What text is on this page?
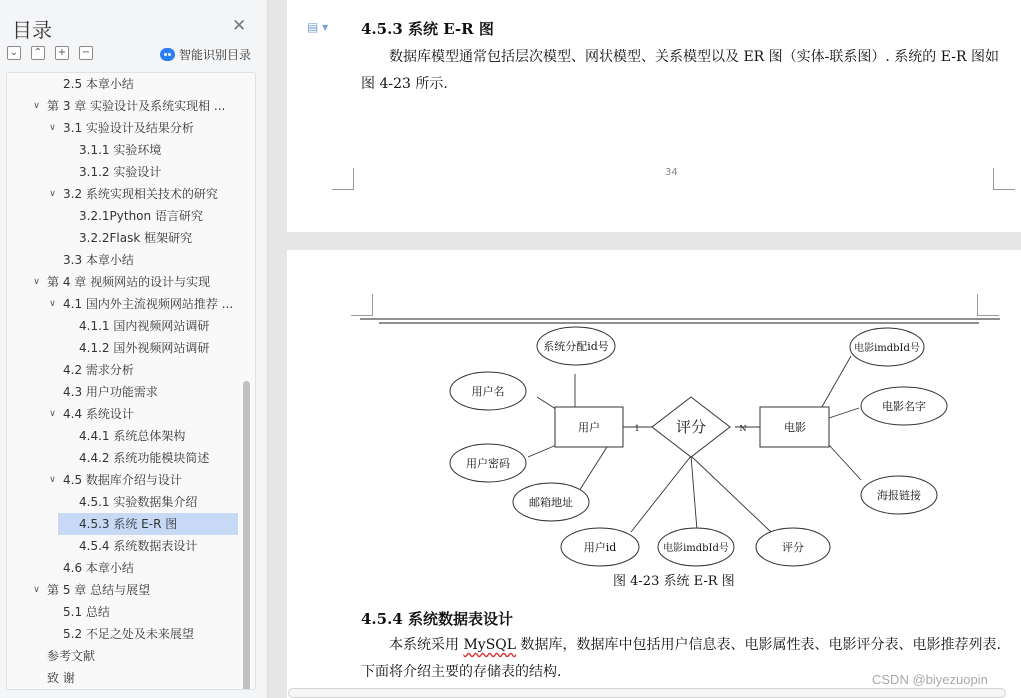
目录	✕
⌄ ⌃ + −	智能识别目录
2.5 本章小结
∨ 第 3 章 实验设计及系统实现相 ...
∨ 3.1 实验设计及结果分析
3.1.1 实验环境
3.1.2 实验设计
∨ 3.2 系统实现相关技术的研究
3.2.1Python 语言研究
3.2.2Flask 框架研究
3.3 本章小结
∨ 第 4 章 视频网站的设计与实现
∨ 4.1 国内外主流视频网站推荐 ...
4.1.1 国内视频网站调研
4.1.2 国外视频网站调研
4.2 需求分析
4.3 用户功能需求
∨ 4.4 系统设计
4.4.1 系统总体架构
4.4.2 系统功能模块简述
∨ 4.5 数据库介绍与设计
4.5.1 实验数据集介绍
4.5.3 系统 E-R 图
4.5.4 系统数据表设计
4.6 本章小结
∨ 第 5 章 总结与展望
5.1 总结
5.2 不足之处及未来展望
参考文献
致 谢
▤ ▾ 4.5.3 系统 E-R 图
数据库模型通常包括层次模型、网状模型、关系模型以及 ER 图（实体-联系图）. 系统的 E-R 图如图 4-23 所示.
34
用户	电影
评分
1	N
系统分配id号
用户名
用户密码
邮箱地址
电影imdbId号
电影名字
海报链接
用户id	电影imdbId号	评分
图 4-23 系统 E-R 图
4.5.4 系统数据表设计
本系统采用 MySQL 数据库，数据库中包括用户信息表、电影属性表、电影评分表、电影推荐列表. 下面将介绍主要的存储表的结构.	CSDN @biyezuopin
